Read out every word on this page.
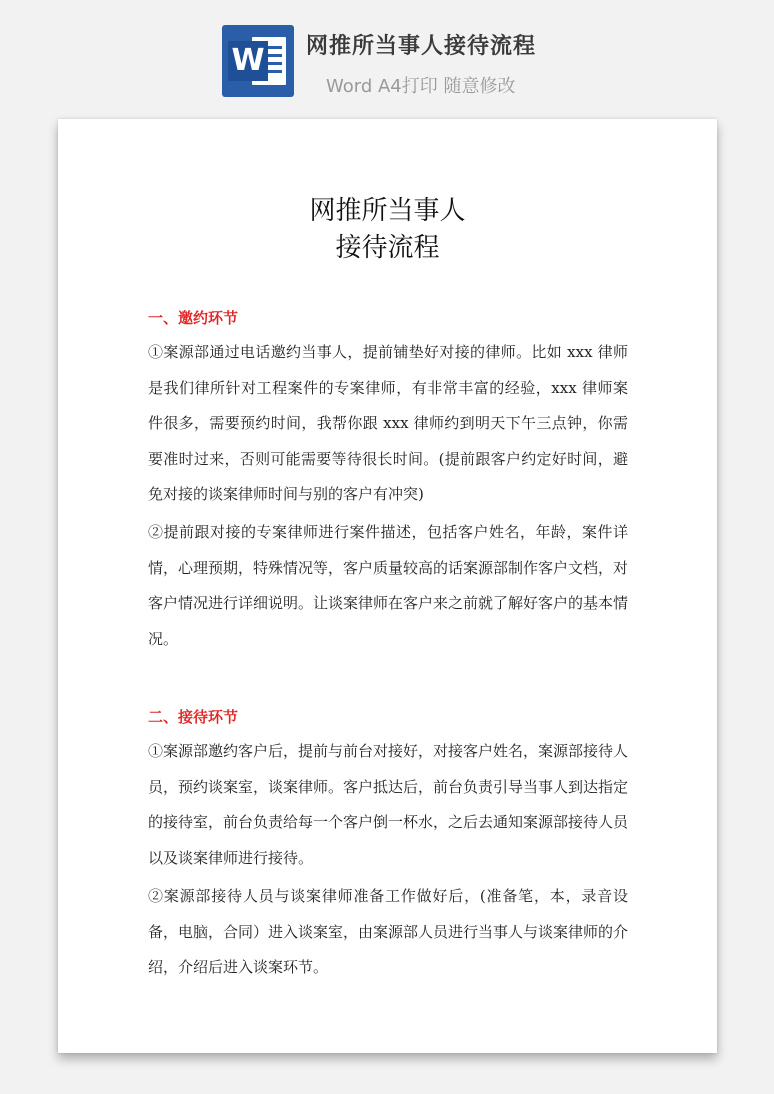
W 网推所当事人接待流程
Word A4打印 随意修改
网推所当事人
接待流程
一、邀约环节

①案源部通过电话邀约当事人，提前铺垫好对接的律师。比如 xxx 律师是我们律所针对工程案件的专案律师，有非常丰富的经验，xxx 律师案件很多，需要预约时间，我帮你跟 xxx 律师约到明天下午三点钟，你需要准时过来，否则可能需要等待很长时间。(提前跟客户约定好时间，避免对接的谈案律师时间与别的客户有冲突)

②提前跟对接的专案律师进行案件描述，包括客户姓名，年龄，案件详情，心理预期，特殊情况等，客户质量较高的话案源部制作客户文档，对客户情况进行详细说明。让谈案律师在客户来之前就了解好客户的基本情况。

二、接待环节

①案源部邀约客户后，提前与前台对接好，对接客户姓名，案源部接待人员，预约谈案室，谈案律师。客户抵达后，前台负责引导当事人到达指定的接待室，前台负责给每一个客户倒一杯水，之后去通知案源部接待人员以及谈案律师进行接待。

②案源部接待人员与谈案律师准备工作做好后，(准备笔，本，录音设备，电脑，合同）进入谈案室，由案源部人员进行当事人与谈案律师的介绍，介绍后进入谈案环节。
